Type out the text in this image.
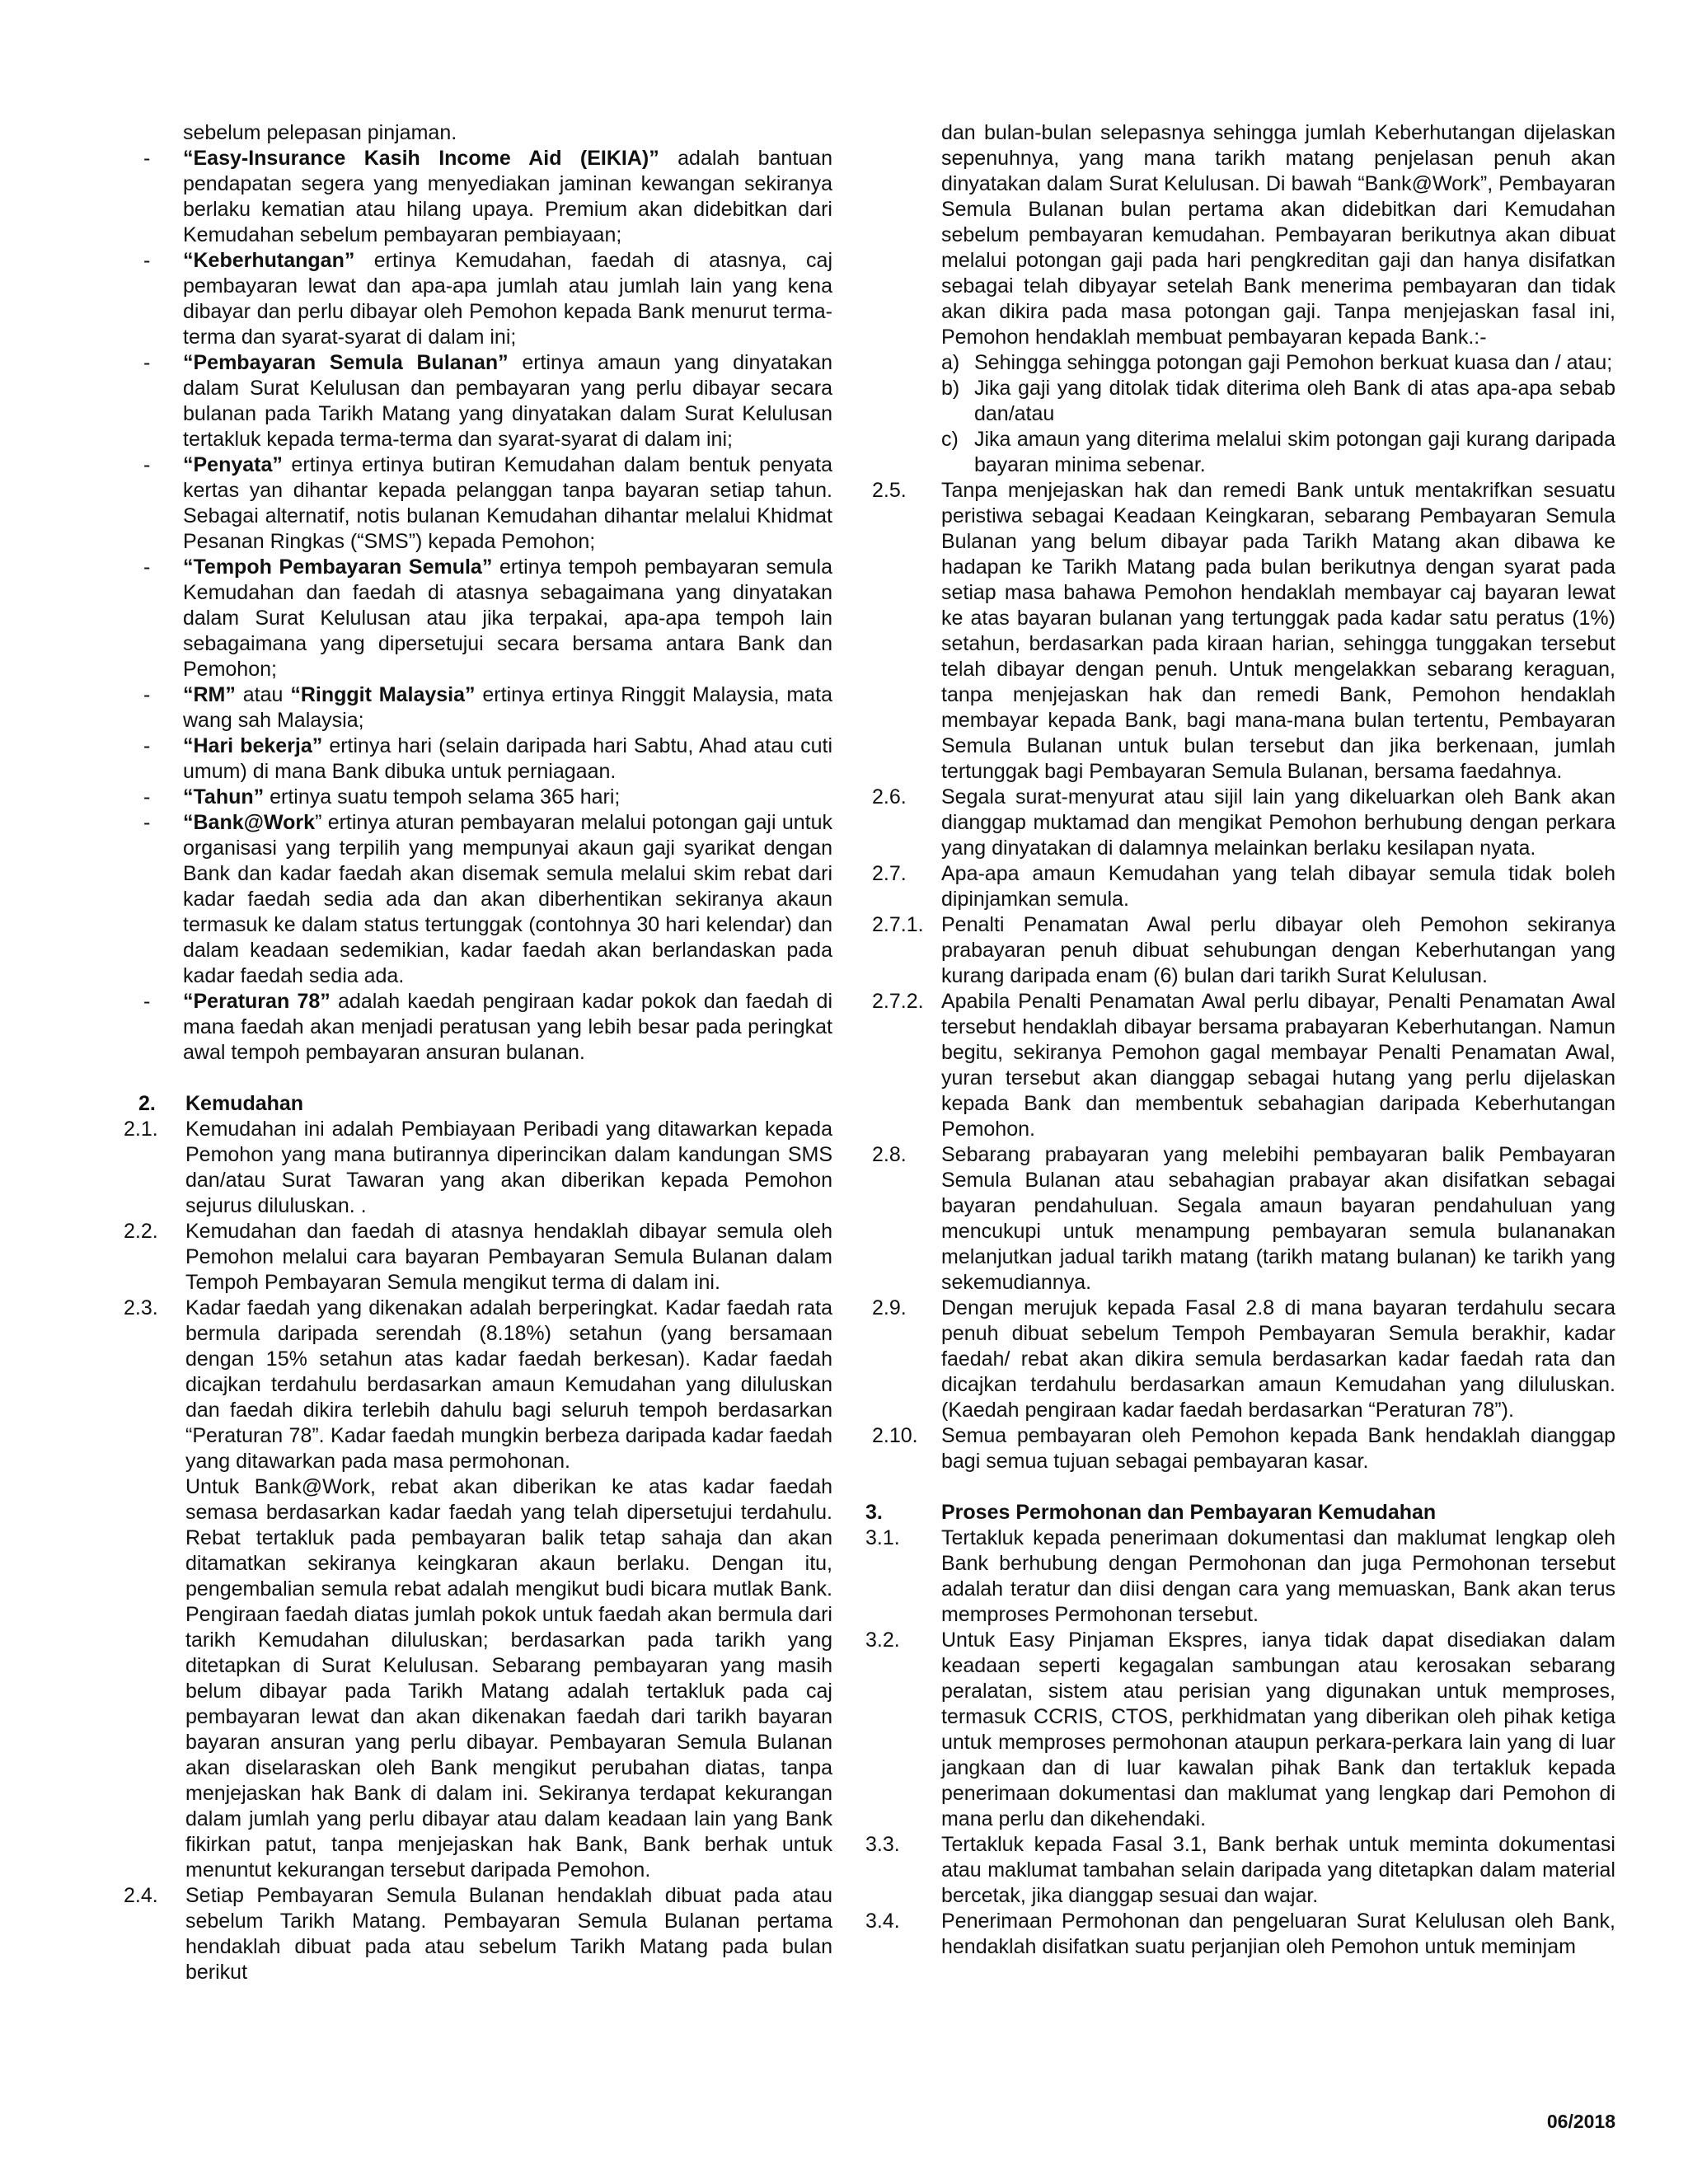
sebelum pelepasan pinjaman.

-	“Easy-Insurance Kasih Income Aid (EIKIA)” adalah bantuan pendapatan segera yang menyediakan jaminan kewangan sekiranya berlaku kematian atau hilang upaya. Premium akan didebitkan dari Kemudahan sebelum pembayaran pembiayaan;
-	“Keberhutangan” ertinya Kemudahan, faedah di atasnya, caj pembayaran lewat dan apa-apa jumlah atau jumlah lain yang kena dibayar dan perlu dibayar oleh Pemohon kepada Bank menurut terma-terma dan syarat-syarat di dalam ini;
-	“Pembayaran Semula Bulanan” ertinya amaun yang dinyatakan dalam Surat Kelulusan dan pembayaran yang perlu dibayar secara bulanan pada Tarikh Matang yang dinyatakan dalam Surat Kelulusan tertakluk kepada terma-terma dan syarat-syarat di dalam ini;
-	“Penyata” ertinya ertinya butiran Kemudahan dalam bentuk penyata kertas yan dihantar kepada pelanggan tanpa bayaran setiap tahun. Sebagai alternatif, notis bulanan Kemudahan dihantar melalui Khidmat Pesanan Ringkas (“SMS”) kepada Pemohon;
-	“Tempoh Pembayaran Semula” ertinya tempoh pembayaran semula Kemudahan dan faedah di atasnya sebagaimana yang dinyatakan dalam Surat Kelulusan atau jika terpakai, apa-apa tempoh lain sebagaimana yang dipersetujui secara bersama antara Bank dan Pemohon;
-	“RM” atau “Ringgit Malaysia” ertinya ertinya Ringgit Malaysia, mata wang sah Malaysia;
-	“Hari bekerja” ertinya hari (selain daripada hari Sabtu, Ahad atau cuti umum) di mana Bank dibuka untuk perniagaan.
-	“Tahun” ertinya suatu tempoh selama 365 hari;
-	“Bank@Work” ertinya aturan pembayaran melalui potongan gaji untuk organisasi yang terpilih yang mempunyai akaun gaji syarikat dengan Bank dan kadar faedah akan disemak semula melalui skim rebat dari kadar faedah sedia ada dan akan diberhentikan sekiranya akaun termasuk ke dalam status tertunggak (contohnya 30 hari kelendar) dan dalam keadaan sedemikian, kadar faedah akan berlandaskan pada kadar faedah sedia ada.
-	“Peraturan 78” adalah kaedah pengiraan kadar pokok dan faedah di mana faedah akan menjadi peratusan yang lebih besar pada peringkat awal tempoh pembayaran ansuran bulanan.
2.	Kemudahan
2.1.	Kemudahan ini adalah Pembiayaan Peribadi yang ditawarkan kepada Pemohon yang mana butirannya diperincikan dalam kandungan SMS dan/atau Surat Tawaran yang akan diberikan kepada Pemohon sejurus diluluskan. .
2.2.	Kemudahan dan faedah di atasnya hendaklah dibayar semula oleh Pemohon melalui cara bayaran Pembayaran Semula Bulanan dalam Tempoh Pembayaran Semula mengikut terma di dalam ini.
2.3.	Kadar faedah yang dikenakan adalah berperingkat. Kadar faedah rata bermula daripada serendah (8.18%) setahun (yang bersamaan dengan 15% setahun atas kadar faedah berkesan). Kadar faedah dicajkan terdahulu berdasarkan amaun Kemudahan yang diluluskan dan faedah dikira terlebih dahulu bagi seluruh tempoh berdasarkan “Peraturan 78”. Kadar faedah mungkin berbeza daripada kadar faedah yang ditawarkan pada masa permohonan.
Untuk Bank@Work, rebat akan diberikan ke atas kadar faedah semasa berdasarkan kadar faedah yang telah dipersetujui terdahulu. Rebat tertakluk pada pembayaran balik tetap sahaja dan akan ditamatkan sekiranya keingkaran akaun berlaku. Dengan itu, pengembalian semula rebat adalah mengikut budi bicara mutlak Bank. Pengiraan faedah diatas jumlah pokok untuk faedah akan bermula dari tarikh Kemudahan diluluskan; berdasarkan pada tarikh yang ditetapkan di Surat Kelulusan. Sebarang pembayaran yang masih belum dibayar pada Tarikh Matang adalah tertakluk pada caj pembayaran lewat dan akan dikenakan faedah dari tarikh bayaran bayaran ansuran yang perlu dibayar. Pembayaran Semula Bulanan akan diselaraskan oleh Bank mengikut perubahan diatas, tanpa menjejaskan hak Bank di dalam ini. Sekiranya terdapat kekurangan dalam jumlah yang perlu dibayar atau dalam keadaan lain yang Bank fikirkan patut, tanpa menjejaskan hak Bank, Bank berhak untuk menuntut kekurangan tersebut daripada Pemohon.
2.4.	Setiap Pembayaran Semula Bulanan hendaklah dibuat pada atau sebelum Tarikh Matang. Pembayaran Semula Bulanan pertama hendaklah dibuat pada atau sebelum Tarikh Matang pada bulan berikut

dan bulan-bulan selepasnya sehingga jumlah Keberhutangan dijelaskan sepenuhnya, yang mana tarikh matang penjelasan penuh akan dinyatakan dalam Surat Kelulusan. Di bawah “Bank@Work”, Pembayaran Semula Bulanan bulan pertama akan didebitkan dari Kemudahan sebelum pembayaran kemudahan. Pembayaran berikutnya akan dibuat melalui potongan gaji pada hari pengkreditan gaji dan hanya disifatkan sebagai telah dibyayar setelah Bank menerima pembayaran dan tidak akan dikira pada masa potongan gaji. Tanpa menjejaskan fasal ini, Pemohon hendaklah membuat pembayaran kepada Bank.:-

a) Sehingga sehingga potongan gaji Pemohon berkuat kuasa dan / atau;
b) Jika gaji yang ditolak tidak diterima oleh Bank di atas apa-apa sebab dan/atau
c) Jika amaun yang diterima melalui skim potongan gaji kurang daripada bayaran minima sebenar.
2.5.	Tanpa menjejaskan hak dan remedi Bank untuk mentakrifkan sesuatu peristiwa sebagai Keadaan Keingkaran, sebarang Pembayaran Semula Bulanan yang belum dibayar pada Tarikh Matang akan dibawa ke hadapan ke Tarikh Matang pada bulan berikutnya dengan syarat pada setiap masa bahawa Pemohon hendaklah membayar caj bayaran lewat ke atas bayaran bulanan yang tertunggak pada kadar satu peratus (1%) setahun, berdasarkan pada kiraan harian, sehingga tunggakan tersebut telah dibayar dengan penuh. Untuk mengelakkan sebarang keraguan, tanpa menjejaskan hak dan remedi Bank, Pemohon hendaklah membayar kepada Bank, bagi mana-mana bulan tertentu, Pembayaran Semula Bulanan untuk bulan tersebut dan jika berkenaan, jumlah tertunggak bagi Pembayaran Semula Bulanan, bersama faedahnya.
2.6.	Segala surat-menyurat atau sijil lain yang dikeluarkan oleh Bank akan dianggap muktamad dan mengikat Pemohon berhubung dengan perkara yang dinyatakan di dalamnya melainkan berlaku kesilapan nyata.
2.7.	Apa-apa amaun Kemudahan yang telah dibayar semula tidak boleh dipinjamkan semula.
2.7.1. Penalti Penamatan Awal perlu dibayar oleh Pemohon sekiranya prabayaran penuh dibuat sehubungan dengan Keberhutangan yang kurang daripada enam (6) bulan dari tarikh Surat Kelulusan.
2.7.2. Apabila Penalti Penamatan Awal perlu dibayar, Penalti Penamatan Awal tersebut hendaklah dibayar bersama prabayaran Keberhutangan. Namun begitu, sekiranya Pemohon gagal membayar Penalti Penamatan Awal, yuran tersebut akan dianggap sebagai hutang yang perlu dijelaskan kepada Bank dan membentuk sebahagian daripada Keberhutangan Pemohon.
2.8.	Sebarang prabayaran yang melebihi pembayaran balik Pembayaran Semula Bulanan atau sebahagian prabayar akan disifatkan sebagai bayaran pendahuluan. Segala amaun bayaran pendahuluan yang mencukupi untuk menampung pembayaran semula bulananakan melanjutkan jadual tarikh matang (tarikh matang bulanan) ke tarikh yang sekemudiannya.
2.9.	Dengan merujuk kepada Fasal 2.8 di mana bayaran terdahulu secara penuh dibuat sebelum Tempoh Pembayaran Semula berakhir, kadar faedah/ rebat akan dikira semula berdasarkan kadar faedah rata dan dicajkan terdahulu berdasarkan amaun Kemudahan yang diluluskan. (Kaedah pengiraan kadar faedah berdasarkan “Peraturan 78”).
2.10.	Semua pembayaran oleh Pemohon kepada Bank hendaklah dianggap bagi semua tujuan sebagai pembayaran kasar.
3.	Proses Permohonan dan Pembayaran Kemudahan
3.1.	Tertakluk kepada penerimaan dokumentasi dan maklumat lengkap oleh Bank berhubung dengan Permohonan dan juga Permohonan tersebut adalah teratur dan diisi dengan cara yang memuaskan, Bank akan terus memproses Permohonan tersebut.
3.2.	Untuk Easy Pinjaman Ekspres, ianya tidak dapat disediakan dalam keadaan seperti kegagalan sambungan atau kerosakan sebarang peralatan, sistem atau perisian yang digunakan untuk memproses, termasuk CCRIS, CTOS, perkhidmatan yang diberikan oleh pihak ketiga untuk memproses permohonan ataupun perkara-perkara lain yang di luar jangkaan dan di luar kawalan pihak Bank dan tertakluk kepada penerimaan dokumentasi dan maklumat yang lengkap dari Pemohon di mana perlu dan dikehendaki.
3.3.	Tertakluk kepada Fasal 3.1, Bank berhak untuk meminta dokumentasi atau maklumat tambahan selain daripada yang ditetapkan dalam material bercetak, jika dianggap sesuai dan wajar.
3.4.	Penerimaan Permohonan dan pengeluaran Surat Kelulusan oleh Bank, hendaklah disifatkan suatu perjanjian oleh Pemohon untuk meminjam
06/2018
